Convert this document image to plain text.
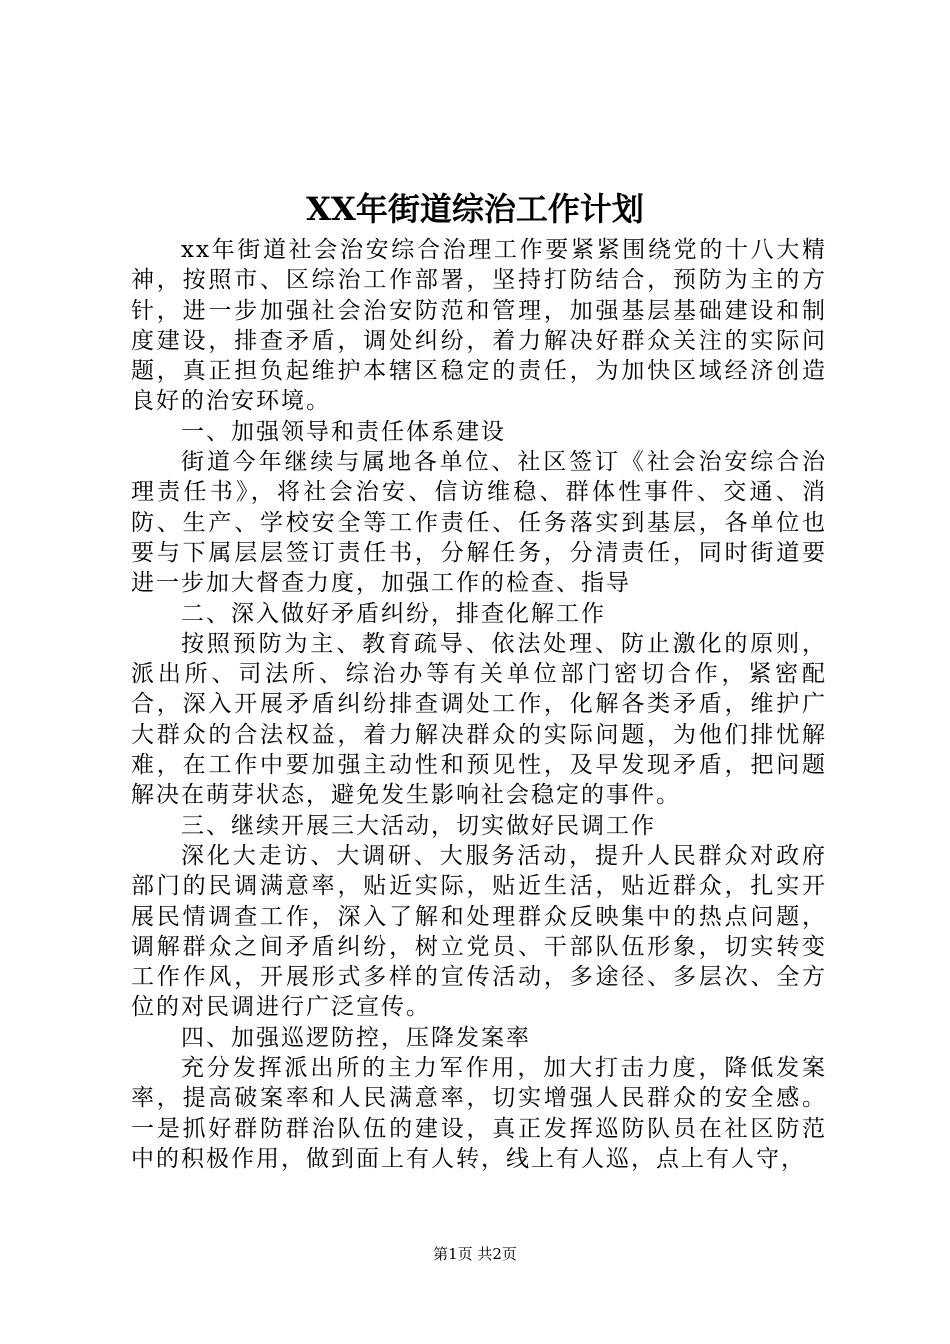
XX年街道综治工作计划

xx年街道社会治安综合治理工作要紧紧围绕党的十八大精神，按照市、区综治工作部署，坚持打防结合，预防为主的方针，进一步加强社会治安防范和管理，加强基层基础建设和制度建设，排查矛盾，调处纠纷，着力解决好群众关注的实际问题，真正担负起维护本辖区稳定的责任，为加快区域经济创造良好的治安环境。

一、加强领导和责任体系建设

街道今年继续与属地各单位、社区签订《社会治安综合治理责任书》，将社会治安、信访维稳、群体性事件、交通、消防、生产、学校安全等工作责任、任务落实到基层，各单位也要与下属层层签订责任书，分解任务，分清责任，同时街道要进一步加大督查力度，加强工作的检查、指导

二、深入做好矛盾纠纷，排查化解工作

按照预防为主、教育疏导、依法处理、防止激化的原则，派出所、司法所、综治办等有关单位部门密切合作，紧密配合，深入开展矛盾纠纷排查调处工作，化解各类矛盾，维护广大群众的合法权益，着力解决群众的实际问题，为他们排忧解难，在工作中要加强主动性和预见性，及早发现矛盾，把问题解决在萌芽状态，避免发生影响社会稳定的事件。

三、继续开展三大活动，切实做好民调工作

深化大走访、大调研、大服务活动，提升人民群众对政府部门的民调满意率，贴近实际，贴近生活，贴近群众，扎实开展民情调查工作，深入了解和处理群众反映集中的热点问题，调解群众之间矛盾纠纷，树立党员、干部队伍形象，切实转变工作作风，开展形式多样的宣传活动，多途径、多层次、全方位的对民调进行广泛宣传。

四、加强巡逻防控，压降发案率

充分发挥派出所的主力军作用，加大打击力度，降低发案率，提高破案率和人民满意率，切实增强人民群众的安全感。一是抓好群防群治队伍的建设，真正发挥巡防队员在社区防范中的积极作用，做到面上有人转，线上有人巡，点上有人守，

第1页 共2页
